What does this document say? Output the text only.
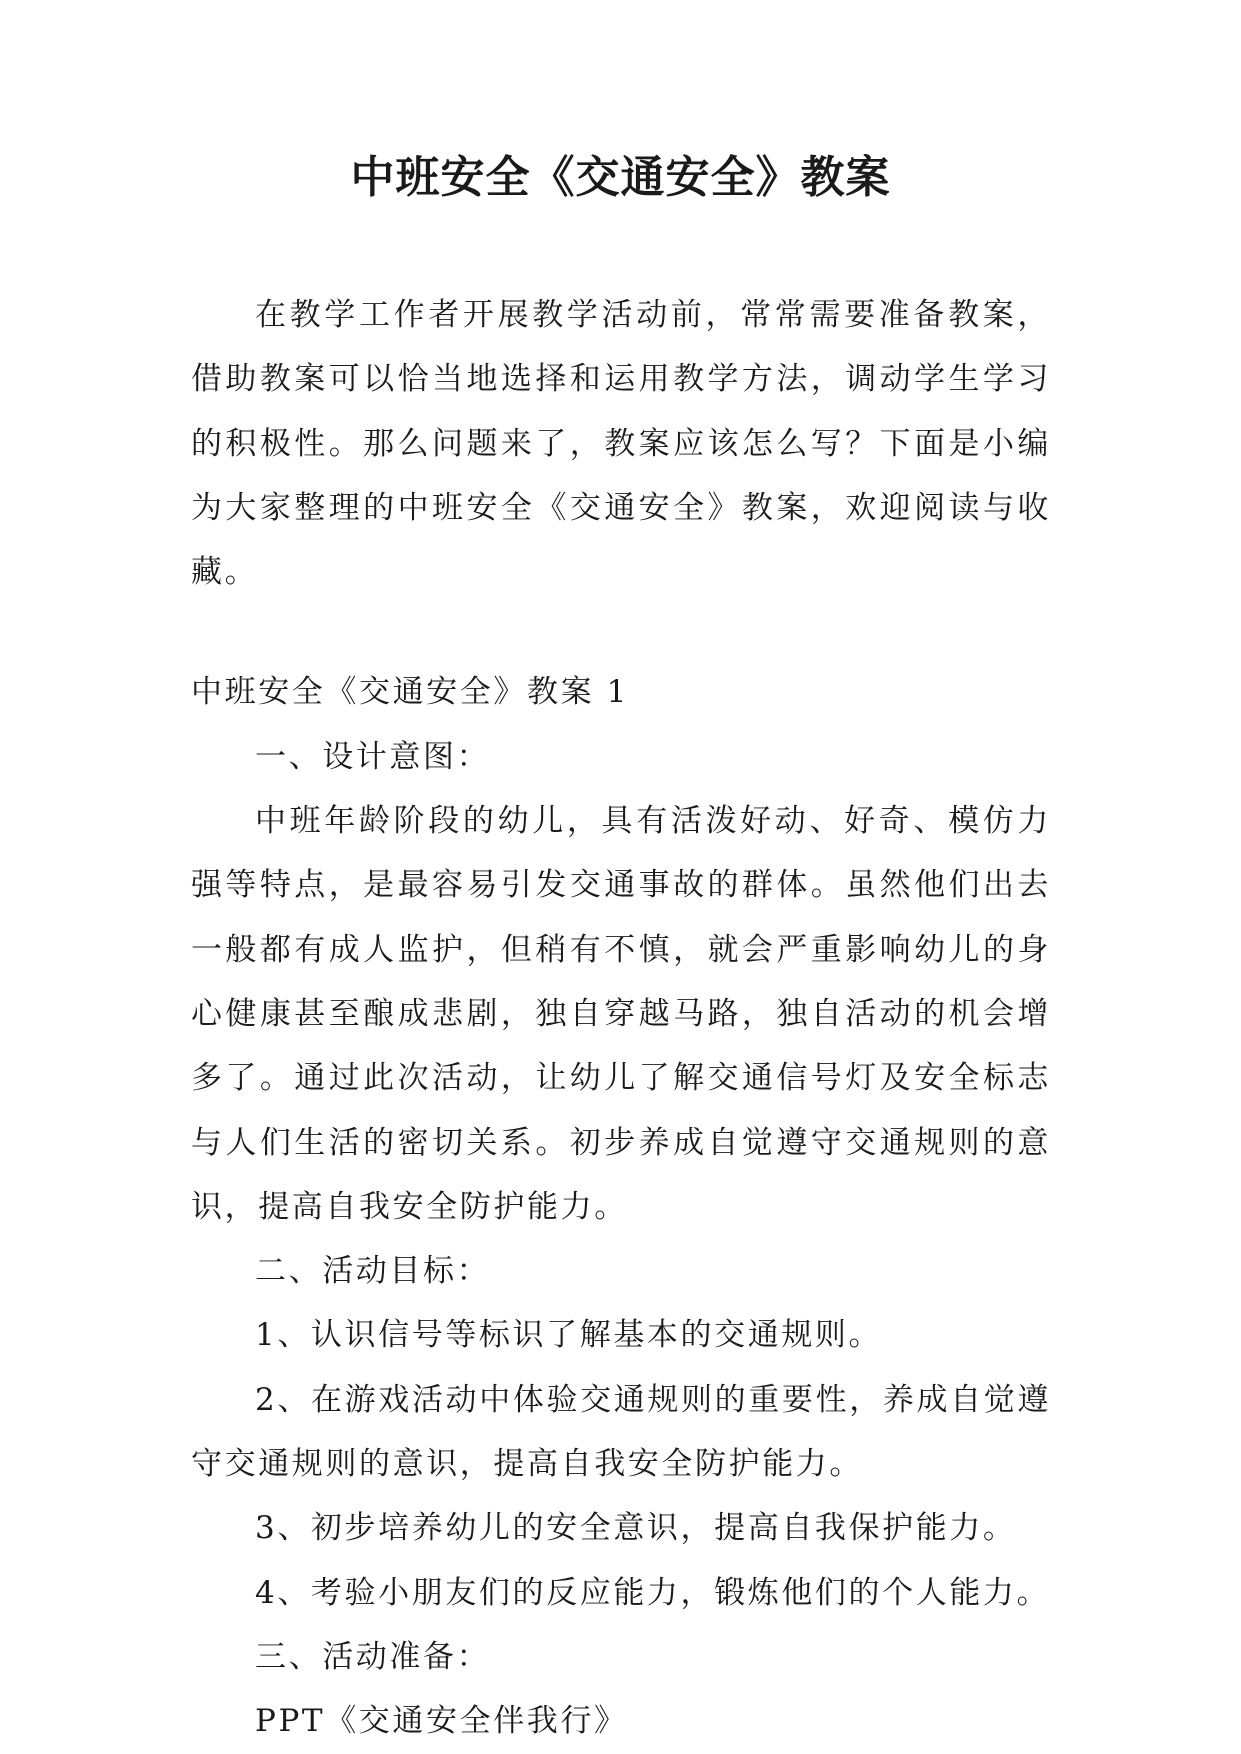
中班安全《交通安全》教案

在教学工作者开展教学活动前，常常需要准备教案，借助教案可以恰当地选择和运用教学方法，调动学生学习的积极性。那么问题来了，教案应该怎么写？下面是小编为大家整理的中班安全《交通安全》教案，欢迎阅读与收藏。

中班安全《交通安全》教案 1

一、设计意图：

中班年龄阶段的幼儿，具有活泼好动、好奇、模仿力强等特点，是最容易引发交通事故的群体。虽然他们出去一般都有成人监护，但稍有不慎，就会严重影响幼儿的身心健康甚至酿成悲剧，独自穿越马路，独自活动的机会增多了。通过此次活动，让幼儿了解交通信号灯及安全标志与人们生活的密切关系。初步养成自觉遵守交通规则的意识，提高自我安全防护能力。

二、活动目标：

1、认识信号等标识了解基本的交通规则。

2、在游戏活动中体验交通规则的重要性，养成自觉遵守交通规则的意识，提高自我安全防护能力。

3、初步培养幼儿的安全意识，提高自我保护能力。

4、考验小朋友们的反应能力，锻炼他们的个人能力。

三、活动准备：

PPT《交通安全伴我行》
